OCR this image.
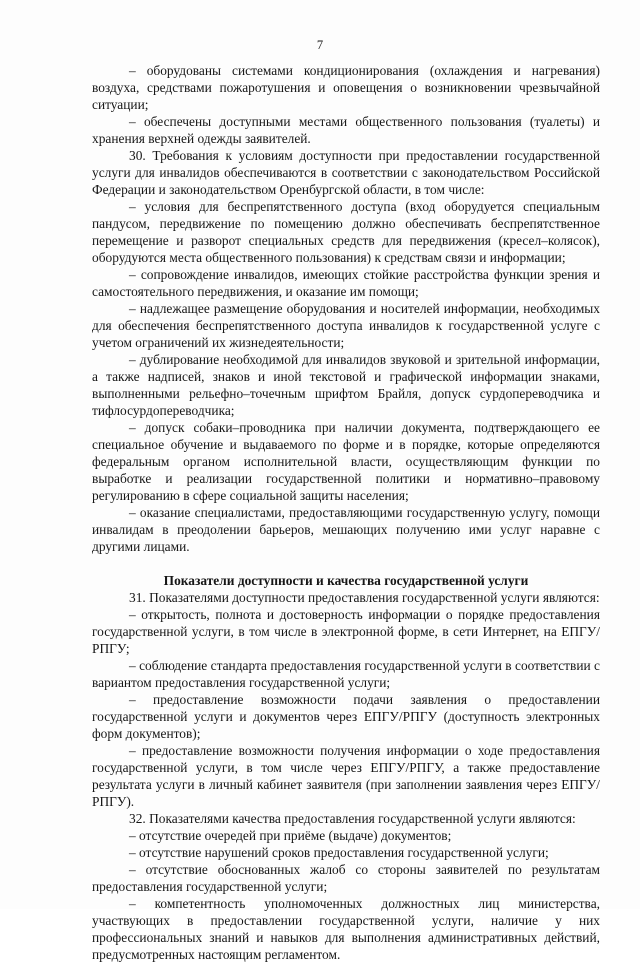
7

– оборудованы системами кондиционирования (охлаждения и нагревания) воздуха, средствами пожаротушения и оповещения о возникновении чрезвычайной ситуации;

– обеспечены доступными местами общественного пользования (туалеты) и хранения верхней одежды заявителей.

30. Требования к условиям доступности при предоставлении государственной услуги для инвалидов обеспечиваются в соответствии с законодательством Российской Федерации и законодательством Оренбургской области, в том числе:

– условия для беспрепятственного доступа (вход оборудуется специальным пандусом, передвижение по помещению должно обеспечивать беспрепятственное перемещение и разворот специальных средств для передвижения (кресел–колясок), оборудуются места общественного пользования) к средствам связи и информации;

– сопровождение инвалидов, имеющих стойкие расстройства функции зрения и самостоятельного передвижения, и оказание им помощи;

– надлежащее размещение оборудования и носителей информации, необходимых для обеспечения беспрепятственного доступа инвалидов к государственной услуге с учетом ограничений их жизнедеятельности;

– дублирование необходимой для инвалидов звуковой и зрительной информации, а также надписей, знаков и иной текстовой и графической информации знаками, выполненными рельефно–точечным шрифтом Брайля, допуск сурдопереводчика и тифлосурдопереводчика;

– допуск собаки–проводника при наличии документа, подтверждающего ее специальное обучение и выдаваемого по форме и в порядке, которые определяются федеральным органом исполнительной власти, осуществляющим функции по выработке и реализации государственной политики и нормативно–правовому регулированию в сфере социальной защиты населения;

– оказание специалистами, предоставляющими государственную услугу, помощи инвалидам в преодолении барьеров, мешающих получению ими услуг наравне с другими лицами.

Показатели доступности и качества государственной услуги

31. Показателями доступности предоставления государственной услуги являются:

– открытость, полнота и достоверность информации о порядке предоставления государственной услуги, в том числе в электронной форме, в сети Интернет, на ЕПГУ/РПГУ;

– соблюдение стандарта предоставления государственной услуги в соответствии с вариантом предоставления государственной услуги;

– предоставление возможности подачи заявления о предоставлении государственной услуги и документов через ЕПГУ/РПГУ (доступность электронных форм документов);

– предоставление возможности получения информации о ходе предоставления государственной услуги, в том числе через ЕПГУ/РПГУ, а также предоставление результата услуги в личный кабинет заявителя (при заполнении заявления через ЕПГУ/РПГУ).

32. Показателями качества предоставления государственной услуги являются:

– отсутствие очередей при приёме (выдаче) документов;

– отсутствие нарушений сроков предоставления государственной услуги;

– отсутствие обоснованных жалоб со стороны заявителей по результатам предоставления государственной услуги;

– компетентность уполномоченных должностных лиц министерства, участвующих в предоставлении государственной услуги, наличие у них профессиональных знаний и навыков для выполнения административных действий, предусмотренных настоящим регламентом.
